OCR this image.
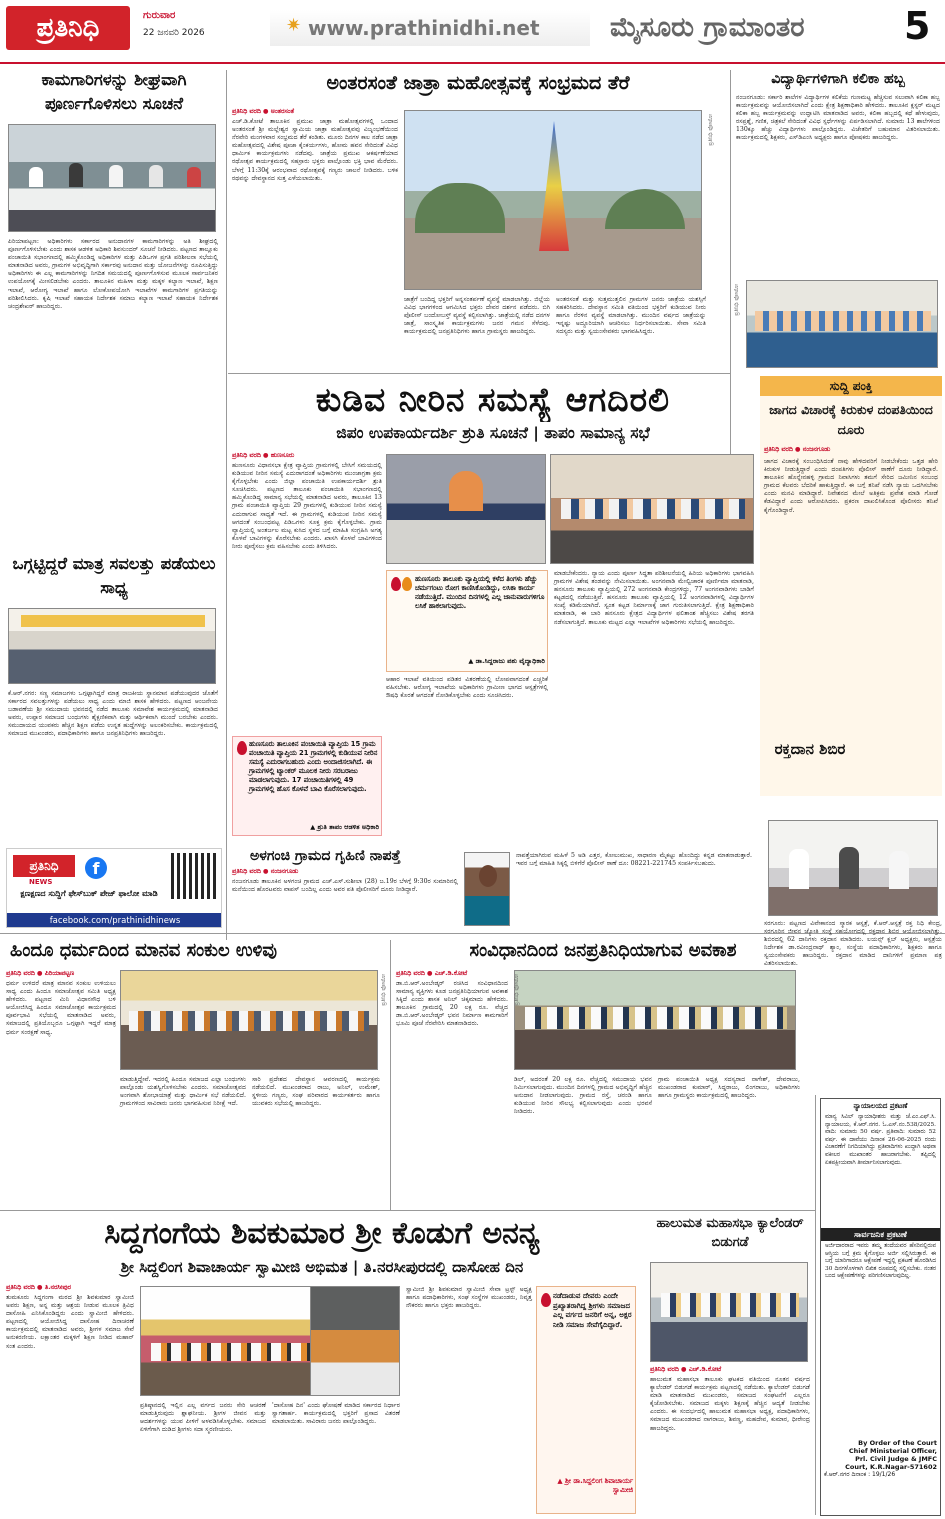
ಪ್ರತಿನಿಧಿ	ಗುರುವಾರ
22 ಜನವರಿ 2026	✷ www.prathinidhi.net	ಮೈಸೂರು ಗ್ರಾಮಾಂತರ	5
ಕಾಮಗಾರಿಗಳನ್ನು ಶೀಘ್ರವಾಗಿ ಪೂರ್ಣಗೊಳಿಸಲು ಸೂಚನೆ
ಪಿರಿಯಾಪಟ್ಟಣ: ಅಧಿಕಾರಿಗಳು ಸರ್ಕಾರದ ಅನುದಾನಗಳ ಕಾಮಗಾರಿಗಳನ್ನು ಅತಿ ಶೀಘ್ರದಲ್ಲಿ ಪೂರ್ಣಗೊಳಿಸಬೇಕು ಎಂದು ಶಾಸಕ ಆಡಳಿತ ಅಧಿಕಾರಿ ಶಿವಸುಂದರ್ ಸೂಚನೆ ನೀಡಿದರು. ಪಟ್ಟಣದ ತಾಲ್ಲೂಕು ಪಂಚಾಯಿತಿ ಸಭಾಂಗಣದಲ್ಲಿ ಹಮ್ಮಿಕೊಂಡಿದ್ದ ಅಧಿಕಾರಿಗಳ ಮತ್ತು ಪಿಡಿಒಗಳ ಪ್ರಗತಿ ಪರಿಶೀಲನಾ ಸಭೆಯಲ್ಲಿ ಮಾತನಾಡಿದ ಅವರು, ಗ್ರಾಮಗಳ ಅಭಿವೃದ್ಧಿಗಾಗಿ ಸರ್ಕಾರವು ಅನುದಾನ ಮತ್ತು ಯೋಜನೆಗಳನ್ನು ರೂಪಿಸುತ್ತಿದ್ದು ಅಧಿಕಾರಿಗಳು ಈ ಎಲ್ಲ ಕಾಮಗಾರಿಗಳನ್ನು ನಿಗದಿತ ಸಮಯದಲ್ಲಿ ಪೂರ್ಣಗೊಳಿಸುವ ಮೂಲಕ ಸಾರ್ವಜನಿಕರ ಉಪಯೋಗಕ್ಕೆ ಮೀಸಲಿಡಬೇಕು ಎಂದರು. ತಾಲೂಕಿನ ಮಹಿಳಾ ಮತ್ತು ಮಕ್ಕಳ ಕಲ್ಯಾಣ ಇಲಾಖೆ, ಶಿಕ್ಷಣ ಇಲಾಖೆ, ಆರೋಗ್ಯ ಇಲಾಖೆ ಹಾಗೂ ಲೋಕೋಪಯೋಗಿ ಇಲಾಖೆಗಳ ಕಾಮಗಾರಿಗಳ ಪ್ರಗತಿಯನ್ನು ಪರಿಶೀಲಿಸಿದರು. ಕೃಷಿ ಇಲಾಖೆ ಸಹಾಯಕ ನಿರ್ದೇಶಕ ಸಮಾಜ ಕಲ್ಯಾಣ ಇಲಾಖೆ ಸಹಾಯಕ ನಿರ್ದೇಶಕ ಚಂದ್ರಶೇಖರ್ ಹಾಜರಿದ್ದರು.
ಒಗ್ಗಟ್ಟಿದ್ದರೆ ಮಾತ್ರ ಸವಲತ್ತು ಪಡೆಯಲು ಸಾಧ್ಯ
ಕೆ.ಆರ್.ನಗರ: ಸಣ್ಣ ಸಮಾಜಗಳು ಒಗ್ಗಟ್ಟಾಗಿದ್ದರೆ ಮಾತ್ರ ರಾಜಕೀಯ ಸ್ಥಾನಮಾನ ಪಡೆಯುವುದರ ಜೊತೆಗೆ ಸರ್ಕಾರದ ಸವಲತ್ತುಗಳನ್ನು ಪಡೆಯಲು ಸಾಧ್ಯ ಎಂದು ಮಾಜಿ ಶಾಸಕ ಹೇಳಿದರು. ಪಟ್ಟಣದ ಆಂಜನೇಯ ಬಡಾವಣೆಯ ಶ್ರೀ ಸಮುದಾಯ ಭವನದಲ್ಲಿ ನಡೆದ ತಾಲೂಕು ಸಮಾವೇಶ ಕಾರ್ಯಕ್ರಮದಲ್ಲಿ ಮಾತನಾಡಿದ ಅವರು, ಉಪ್ಪಾರ ಸಮಾಜದ ಬಂಧುಗಳು ಶೈಕ್ಷಣಿಕವಾಗಿ ಮತ್ತು ಆರ್ಥಿಕವಾಗಿ ಮುಂದೆ ಬರಬೇಕು ಎಂದರು. ಸಮುದಾಯದ ಯುವಕರು ಹೆಚ್ಚಿನ ಶಿಕ್ಷಣ ಪಡೆದು ಉನ್ನತ ಹುದ್ದೆಗಳನ್ನು ಅಲಂಕರಿಸಬೇಕು. ಕಾರ್ಯಕ್ರಮದಲ್ಲಿ ಸಮಾಜದ ಮುಖಂಡರು, ಪದಾಧಿಕಾರಿಗಳು ಹಾಗೂ ಜನಪ್ರತಿನಿಧಿಗಳು ಹಾಜರಿದ್ದರು.
ಪ್ರತಿನಿಧಿ
NEWS
f
ಕ್ಷಣಕ್ಷಣದ ಸುದ್ದಿಗೆ ಫೇಸ್‌ಬುಕ್ ಪೇಜ್ ಫಾಲೋ ಮಾಡಿ
facebook.com/prathinidhinews
ಅಂತರಸಂತೆ ಜಾತ್ರಾ ಮಹೋತ್ಸವಕ್ಕೆ ಸಂಭ್ರಮದ ತೆರೆ
ಪ್ರತಿನಿಧಿ ವರದಿ ● ಅಂತರಸಂತೆ
ಎಚ್.ಡಿ.ಕೋಟೆ ತಾಲೂಕಿನ ಪ್ರಮುಖ ಜಾತ್ರಾ ಮಹೋತ್ಸವಗಳಲ್ಲಿ ಒಂದಾದ ಅಂತರಸಂತೆ ಶ್ರೀ ಮಲ್ಲೇಶ್ವರ ಸ್ವಾಮಿಯ ಜಾತ್ರಾ ಮಹೋತ್ಸವವು ವಿಜೃಂಭಣೆಯಿಂದ ನೆರವೇರಿ ಮಂಗಳವಾರ ಸಂಭ್ರಮದ ತೆರೆ ಕಂಡಿತು. ಮೂರು ದಿನಗಳ ಕಾಲ ನಡೆದ ಜಾತ್ರಾ ಮಹೋತ್ಸವದಲ್ಲಿ ವಿಶೇಷ ಪೂಜಾ ಕೈಂಕರ್ಯಗಳು, ಹೋಮ ಹವನ ಸೇರಿದಂತೆ ವಿವಿಧ ಧಾರ್ಮಿಕ ಕಾರ್ಯಕ್ರಮಗಳು ನಡೆದವು. ಜಾತ್ರೆಯ ಪ್ರಮುಖ ಆಕರ್ಷಣೆಯಾದ ರಥೋತ್ಸವ ಕಾರ್ಯಕ್ರಮದಲ್ಲಿ ಸಹಸ್ರಾರು ಭಕ್ತರು ಪಾಲ್ಗೊಂಡು ಭಕ್ತಿ ಭಾವ ಮೆರೆದರು. ಬೆಳಗ್ಗೆ 11:30ಕ್ಕೆ ಆರಂಭವಾದ ರಥೋತ್ಸವಕ್ಕೆ ಗಣ್ಯರು ಚಾಲನೆ ನೀಡಿದರು. ಬಳಿಕ ರಥವನ್ನು ದೇವಸ್ಥಾನದ ಸುತ್ತ ಎಳೆಯಲಾಯಿತು.
ಪ್ರತಿನಿಧಿ ಫೋಟೋ
ಜಾತ್ರೆಗೆ ಬಂದಿದ್ದ ಭಕ್ತರಿಗೆ ಅನ್ನಸಂತರ್ಪಣೆ ವ್ಯವಸ್ಥೆ ಮಾಡಲಾಗಿತ್ತು. ಜಿಲ್ಲೆಯ ವಿವಿಧ ಭಾಗಗಳಿಂದ ಆಗಮಿಸಿದ ಭಕ್ತರು ದೇವರ ದರ್ಶನ ಪಡೆದರು. ಬಿಗಿ ಪೊಲೀಸ್ ಬಂದೋಬಸ್ತ್ ವ್ಯವಸ್ಥೆ ಕಲ್ಪಿಸಲಾಗಿತ್ತು. ಜಾತ್ರೆಯಲ್ಲಿ ನಡೆದ ದನಗಳ ಜಾತ್ರೆ, ಸಾಂಸ್ಕೃತಿಕ ಕಾರ್ಯಕ್ರಮಗಳು ಜನರ ಗಮನ ಸೆಳೆದವು. ಕಾರ್ಯಕ್ರಮದಲ್ಲಿ ಜನಪ್ರತಿನಿಧಿಗಳು ಹಾಗೂ ಗ್ರಾಮಸ್ಥರು ಹಾಜರಿದ್ದರು.
ಅಂತರಸಂತೆ ಮತ್ತು ಸುತ್ತಮುತ್ತಲಿನ ಗ್ರಾಮಗಳ ಜನರು ಜಾತ್ರೆಯ ಯಶಸ್ಸಿಗೆ ಸಹಕರಿಸಿದರು. ದೇವಸ್ಥಾನ ಸಮಿತಿ ವತಿಯಿಂದ ಭಕ್ತರಿಗೆ ಕುಡಿಯುವ ನೀರು ಹಾಗೂ ನೆರಳಿನ ವ್ಯವಸ್ಥೆ ಮಾಡಲಾಗಿತ್ತು. ಮುಂದಿನ ವರ್ಷದ ಜಾತ್ರೆಯನ್ನು ಇನ್ನಷ್ಟು ಅದ್ದೂರಿಯಾಗಿ ಆಚರಿಸಲು ನಿರ್ಧರಿಸಲಾಯಿತು. ಸೇವಾ ಸಮಿತಿ ಸದಸ್ಯರು ಮತ್ತು ಸ್ವಯಂಸೇವಕರು ಭಾಗವಹಿಸಿದ್ದರು.
ವಿದ್ಯಾರ್ಥಿಗಳಿಗಾಗಿ ಕಲಿಕಾ ಹಬ್ಬ
ನಂಜನಗೂಡು: ಸರ್ಕಾರಿ ಶಾಲೆಗಳ ವಿದ್ಯಾರ್ಥಿಗಳ ಕಲಿಕೆಯ ಗುಣಮಟ್ಟ ಹೆಚ್ಚಿಸುವ ಸಲುವಾಗಿ ಕಲಿಕಾ ಹಬ್ಬ ಕಾರ್ಯಕ್ರಮವನ್ನು ಆಯೋಜಿಸಲಾಗಿದೆ ಎಂದು ಕ್ಷೇತ್ರ ಶಿಕ್ಷಣಾಧಿಕಾರಿ ಹೇಳಿದರು. ತಾಲೂಕಿನ ಕ್ಲಸ್ಟರ್ ಮಟ್ಟದ ಕಲಿಕಾ ಹಬ್ಬ ಕಾರ್ಯಕ್ರಮವನ್ನು ಉದ್ಘಾಟಿಸಿ ಮಾತನಾಡಿದ ಅವರು, ಕಲಿಕಾ ಹಬ್ಬದಲ್ಲಿ ಕಥೆ ಹೇಳುವುದು, ರಸಪ್ರಶ್ನೆ, ಗಣಿತ, ಚಿತ್ರಕಲೆ ಸೇರಿದಂತೆ ವಿವಿಧ ಸ್ಪರ್ಧೆಗಳನ್ನು ಏರ್ಪಡಿಸಲಾಗಿದೆ. ಸುಮಾರು 13 ಶಾಲೆಗಳಿಂದ 130ಕ್ಕೂ ಹೆಚ್ಚು ವಿದ್ಯಾರ್ಥಿಗಳು ಪಾಲ್ಗೊಂಡಿದ್ದರು. ವಿಜೇತರಿಗೆ ಬಹುಮಾನ ವಿತರಿಸಲಾಯಿತು. ಕಾರ್ಯಕ್ರಮದಲ್ಲಿ ಶಿಕ್ಷಕರು, ಎಸ್‌ಡಿಎಂಸಿ ಅಧ್ಯಕ್ಷರು ಹಾಗೂ ಪೋಷಕರು ಹಾಜರಿದ್ದರು.
ಪ್ರತಿನಿಧಿ ಫೋಟೋ
ಸುದ್ದಿ ಪಂಕ್ತಿ
ಜಾಗದ ವಿಚಾರಕ್ಕೆ ಕಿರುಕುಳ ದಂಪತಿಯಿಂದ ದೂರು
ಪ್ರತಿನಿಧಿ ವರದಿ ● ನಂಜನಗೂಡು
ಜಾಗದ ವಿಚಾರಕ್ಕೆ ಸಂಬಂಧಿಸಿದಂತೆ ನಾವು ಹೇಳಿದವರಿಗೆ ನೀಡಬೇಕೆಂದು ಒತ್ತಡ ಹೇರಿ ಕಿರುಕುಳ ನೀಡುತ್ತಿದ್ದಾರೆ ಎಂದು ದಂಪತಿಗಳು ಪೊಲೀಸ್ ಠಾಣೆಗೆ ದೂರು ನೀಡಿದ್ದಾರೆ. ತಾಲೂಕಿನ ಹೊನ್ನೇನಹಳ್ಳಿ ಗ್ರಾಮದ ನಿವಾಸಿಗಳು ತಮಗೆ ಸೇರಿದ ಜಮೀನಿನ ಸಂಬಂಧ ಗ್ರಾಮದ ಕೆಲವರು ಬೆದರಿಕೆ ಹಾಕುತ್ತಿದ್ದಾರೆ. ಈ ಬಗ್ಗೆ ತನಿಖೆ ನಡೆಸಿ ನ್ಯಾಯ ಒದಗಿಸಬೇಕು ಎಂದು ಮನವಿ ಮಾಡಿದ್ದಾರೆ. ನಿವೇಶನದ ಮೇಲೆ ಅತಿಕ್ರಮ ಪ್ರವೇಶ ಮಾಡಿ ಗೋಡೆ ಕೆಡವಿದ್ದಾರೆ ಎಂದು ಆರೋಪಿಸಿದರು. ಪ್ರಕರಣ ದಾಖಲಿಸಿಕೊಂಡ ಪೊಲೀಸರು ತನಿಖೆ ಕೈಗೊಂಡಿದ್ದಾರೆ.
ರಕ್ತದಾನ ಶಿಬಿರ
ಸರಗೂರು: ಪಟ್ಟಣದ ವಿವೇಕಾನಂದ ಸ್ಮಾರಕ ಆಸ್ಪತ್ರೆ, ಕೆ.ಆರ್.ಆಸ್ಪತ್ರೆ ರಕ್ತ ನಿಧಿ ಕೇಂದ್ರ, ಸರಗೂರಿನ ಜೀವನ ಜ್ಯೋತಿ ಸಂಸ್ಥೆ ಸಹಯೋಗದಲ್ಲಿ ರಕ್ತದಾನ ಶಿಬಿರ ಆಯೋಜಿಸಲಾಗಿತ್ತು. ಶಿಬಿರದಲ್ಲಿ 62 ದಾನಿಗಳು ರಕ್ತದಾನ ಮಾಡಿದರು. ಲಯನ್ಸ್ ಕ್ಲಬ್ ಅಧ್ಯಕ್ಷರು, ಆಸ್ಪತ್ರೆಯ ನಿರ್ದೇಶಕ ಡಾ.ರವೀಂದ್ರನಾಥ್ ಶ್ಯಾಂ, ಸಂಸ್ಥೆಯ ಪದಾಧಿಕಾರಿಗಳು, ಶಿಕ್ಷಕರು ಹಾಗೂ ಸ್ವಯಂಸೇವಕರು ಹಾಜರಿದ್ದರು. ರಕ್ತದಾನ ಮಾಡಿದ ದಾನಿಗಳಿಗೆ ಪ್ರಮಾಣ ಪತ್ರ ವಿತರಿಸಲಾಯಿತು.
ಕುಡಿವ ನೀರಿನ ಸಮಸ್ಯೆ ಆಗದಿರಲಿ
ಜಿಪಂ ಉಪಕಾರ್ಯದರ್ಶಿ ಶ್ರುತಿ ಸೂಚನೆ | ತಾಪಂ ಸಾಮಾನ್ಯ ಸಭೆ
ಪ್ರತಿನಿಧಿ ವರದಿ ● ಹುಣಸೂರು
ಹುಣಸೂರು ವಿಧಾನಸಭಾ ಕ್ಷೇತ್ರ ವ್ಯಾಪ್ತಿಯ ಗ್ರಾಮಗಳಲ್ಲಿ ಬೇಸಿಗೆ ಸಮಯದಲ್ಲಿ ಕುಡಿಯುವ ನೀರಿನ ಸಮಸ್ಯೆ ಎದುರಾಗದಂತೆ ಅಧಿಕಾರಿಗಳು ಮುಂಜಾಗ್ರತಾ ಕ್ರಮ ಕೈಗೊಳ್ಳಬೇಕು ಎಂದು ಜಿಲ್ಲಾ ಪಂಚಾಯಿತಿ ಉಪಕಾರ್ಯದರ್ಶಿ ಶ್ರುತಿ ಸೂಚಿಸಿದರು. ಪಟ್ಟಣದ ತಾಲೂಕು ಪಂಚಾಯಿತಿ ಸಭಾಂಗಣದಲ್ಲಿ ಹಮ್ಮಿಕೊಂಡಿದ್ದ ಸಾಮಾನ್ಯ ಸಭೆಯಲ್ಲಿ ಮಾತನಾಡಿದ ಅವರು, ತಾಲೂಕಿನ 13 ಗ್ರಾಮ ಪಂಚಾಯಿತಿ ವ್ಯಾಪ್ತಿಯ 29 ಗ್ರಾಮಗಳಲ್ಲಿ ಕುಡಿಯುವ ನೀರಿನ ಸಮಸ್ಯೆ ಎದುರಾಗುವ ಸಾಧ್ಯತೆ ಇದೆ. ಈ ಗ್ರಾಮಗಳಲ್ಲಿ ಕುಡಿಯುವ ನೀರಿನ ಸಮಸ್ಯೆ ಆಗದಂತೆ ಸಂಬಂಧಪಟ್ಟ ಪಿಡಿಒಗಳು ಸೂಕ್ತ ಕ್ರಮ ಕೈಗೊಳ್ಳಬೇಕು. ಗ್ರಾಮ ವ್ಯಾಪ್ತಿಯಲ್ಲಿ ಅಂತರ್ಜಲ ಮಟ್ಟ ಕುಸಿದ ಸ್ಥಳದ ಬಗ್ಗೆ ಮಾಹಿತಿ ಸಂಗ್ರಹಿಸಿ ಅಗತ್ಯ ಕೊಳವೆ ಬಾವಿಗಳನ್ನು ಕೊರೆಸಬೇಕು ಎಂದರು. ಖಾಸಗಿ ಕೊಳವೆ ಬಾವಿಗಳಿಂದ ನೀರು ಪೂರೈಸಲು ಕ್ರಮ ವಹಿಸಬೇಕು ಎಂದು ತಿಳಿಸಿದರು.
ಹುಣಸೂರು ತಾಲೂಕು ವ್ಯಾಪ್ತಿಯಲ್ಲಿ ಕಳೆದ ತಿಂಗಳು ಹೆಚ್ಚು ಚರ್ಮಗಂಟು ರೋಗ ಕಾಣಿಸಿಕೊಂಡಿದ್ದು, ಲಸಿಕಾ ಕಾರ್ಯ ನಡೆಯುತ್ತಿದೆ. ಮುಂದಿನ ದಿನಗಳಲ್ಲಿ ಎಲ್ಲ ಜಾನುವಾರುಗಳಿಗೂ ಲಸಿಕೆ ಹಾಕಲಾಗುವುದು.
▲ ಡಾ.ಸಿದ್ದರಾಜು ಪಶು ವೈದ್ಯಾಧಿಕಾರಿ
ಆಹಾರ ಇಲಾಖೆ ವತಿಯಿಂದ ಪಡಿತರ ವಿತರಣೆಯಲ್ಲಿ ಲೋಪವಾಗದಂತೆ ಎಚ್ಚರಿಕೆ ವಹಿಸಬೇಕು. ಆರೋಗ್ಯ ಇಲಾಖೆಯ ಅಧಿಕಾರಿಗಳು ಗ್ರಾಮೀಣ ಭಾಗದ ಆಸ್ಪತ್ರೆಗಳಲ್ಲಿ ಔಷಧಿ ಕೊರತೆ ಆಗದಂತೆ ನೋಡಿಕೊಳ್ಳಬೇಕು ಎಂದು ಸೂಚಿಸಿದರು.
ಮಾಡಬೇಕೆಂದರು. ನ್ಯಾಯ ಎಂದು ಪೂರ್ಣ ಸಿದ್ಧತಾ ಪರಿಶೀಲನೆಯಲ್ಲಿ ಹಿರಿಯ ಅಧಿಕಾರಿಗಳು ಭಾಗವಹಿಸಿ ಗ್ರಾಮಗಳ ವಿಶೇಷ ತಂಡವನ್ನು ನೇಮಿಸಲಾಯಿತು. ಅಂಗನವಾಡಿ ಮೇಲ್ವಿಚಾರಕ ಪೂರ್ಣಿಮಾ ಮಾತನಾಡಿ, ಹನಸೂರು ತಾಲೂಕು ವ್ಯಾಪ್ತಿಯಲ್ಲಿ 272 ಅಂಗನವಾಡಿ ಕೇಂದ್ರಗಳಿದ್ದು, 77 ಅಂಗನವಾಡಿಗಳು ಬಾಡಿಗೆ ಕಟ್ಟಡದಲ್ಲಿ ನಡೆಯುತ್ತಿವೆ. ಹಸನೂರು ತಾಲೂಕು ವ್ಯಾಪ್ತಿಯಲ್ಲಿ 12 ಅಂಗನವಾಡಿಗಳಲ್ಲಿ ವಿದ್ಯಾರ್ಥಿಗಳ ಸಂಖ್ಯೆ ಕಡಿಮೆಯಾಗಿದೆ. ಸ್ವಂತ ಕಟ್ಟಡ ನಿರ್ಮಾಣಕ್ಕೆ ಜಾಗ ಗುರುತಿಸಲಾಗುತ್ತಿದೆ. ಕ್ಷೇತ್ರ ಶಿಕ್ಷಣಾಧಿಕಾರಿ ಮಾತನಾಡಿ, ಈ ಬಾರಿ ಹನಸೂರು ಕ್ಷೇತ್ರದ ವಿದ್ಯಾರ್ಥಿಗಳ ಫಲಿತಾಂಶ ಹೆಚ್ಚಿಸಲು ವಿಶೇಷ ತರಗತಿ ನಡೆಸಲಾಗುತ್ತಿದೆ. ತಾಲೂಕು ಮಟ್ಟದ ಎಲ್ಲಾ ಇಲಾಖೆಗಳ ಅಧಿಕಾರಿಗಳು ಸಭೆಯಲ್ಲಿ ಹಾಜರಿದ್ದರು.
ಹುಣಸೂರು ತಾಲೂಕಿನ ಪಂಚಾಯಿತಿ ವ್ಯಾಪ್ತಿಯ 15 ಗ್ರಾಮ ಪಂಚಾಯಿತಿ ವ್ಯಾಪ್ತಿಯ 21 ಗ್ರಾಮಗಳಲ್ಲಿ ಕುಡಿಯುವ ನೀರಿನ ಸಮಸ್ಯೆ ಎದುರಾಗಬಹುದು ಎಂದು ಅಂದಾಜಿಸಲಾಗಿದೆ. ಈ ಗ್ರಾಮಗಳಲ್ಲಿ ಟ್ಯಾಂಕರ್ ಮೂಲಕ ನೀರು ಸರಬರಾಜು ಮಾಡಲಾಗುವುದು. 17 ಪಂಚಾಯಿತಿಗಳಲ್ಲಿ 49 ಗ್ರಾಮಗಳಲ್ಲಿ ಹೊಸ ಕೊಳವೆ ಬಾವಿ ಕೊರೆಸಲಾಗುವುದು.
▲ ಶ್ರುತಿ ತಾಪಂ ಆಡಳಿತ ಅಧಿಕಾರಿ
ಅಳಗಂಚಿ ಗ್ರಾಮದ ಗೃಹಿಣಿ ನಾಪತ್ತೆ
ಪ್ರತಿನಿಧಿ ವರದಿ ● ನಂಜನಗೂಡು
ನಂಜನಗೂಡು ತಾಲೂಕಿನ ಅಳಗಂಚಿ ಗ್ರಾಮದ ಎಚ್.ಎಸ್.ಸುಶೀಲಾ (28) ಜ.19ರ ಬೆಳಗ್ಗೆ 9:30ರ ಸುಮಾರಿನಲ್ಲಿ ಮನೆಯಿಂದ ಹೊರಟವರು ವಾಪಸ್ ಬಂದಿಲ್ಲ ಎಂದು ಅವರ ಪತಿ ಪೊಲೀಸರಿಗೆ ದೂರು ನೀಡಿದ್ದಾರೆ.
ನಾಪತ್ತೆಯಾಗಿರುವ ಮಹಿಳೆ 5 ಅಡಿ ಎತ್ತರ, ಕೋಲುಮುಖ, ಸಾಧಾರಣ ಮೈಕಟ್ಟು ಹೊಂದಿದ್ದು ಕನ್ನಡ ಮಾತನಾಡುತ್ತಾರೆ. ಇವರ ಬಗ್ಗೆ ಮಾಹಿತಿ ಸಿಕ್ಕಲ್ಲಿ ಬಿಳಿಗೆರೆ ಪೊಲೀಸ್ ಠಾಣೆ ದೂ: 08221-221745 ಸಂಪರ್ಕಿಸಬಹುದು.
ಹಿಂದೂ ಧರ್ಮದಿಂದ ಮಾನವ ಸಂಕುಲ ಉಳಿವು
ಪ್ರತಿನಿಧಿ ವರದಿ ● ಪಿರಿಯಾಪಟ್ಟಣ
ಧರ್ಮ ಉಳಿದರೆ ಮಾತ್ರ ಮಾನವ ಸಂಕುಲ ಉಳಿಯಲು ಸಾಧ್ಯ ಎಂದು ಹಿಂದೂ ಸಮಾಜೋತ್ಸವ ಸಮಿತಿ ಅಧ್ಯಕ್ಷ ಹೇಳಿದರು. ಪಟ್ಟಣದ ಮಿನಿ ವಿಧಾನಸೌಧ ಬಳಿ ಆಯೋಜಿಸಿದ್ದ ಹಿಂದೂ ಸಮಾಜೋತ್ಸವ ಕಾರ್ಯಕ್ರಮದ ಪೂರ್ವಭಾವಿ ಸಭೆಯಲ್ಲಿ ಮಾತನಾಡಿದ ಅವರು, ಸಮಾಜದಲ್ಲಿ ಪ್ರತಿಯೊಬ್ಬರೂ ಒಗ್ಗಟ್ಟಾಗಿ ಇದ್ದರೆ ಮಾತ್ರ ಧರ್ಮ ಸಂರಕ್ಷಣೆ ಸಾಧ್ಯ.
ಪ್ರತಿನಿಧಿ ಫೋಟೋ
ಮಾಡುತ್ತಿದ್ದೇವೆ. ಇದರಲ್ಲಿ ಹಿಂದೂ ಸಮಾಜದ ಎಲ್ಲಾ ಬಂಧುಗಳು ಪಾಲ್ಗೊಂಡು ಯಶಸ್ವಿಗೊಳಿಸಬೇಕು ಎಂದರು. ಸಮಾಜೋತ್ಸವದ ಅಂಗವಾಗಿ ಶೋಭಾಯಾತ್ರೆ ಮತ್ತು ಧಾರ್ಮಿಕ ಸಭೆ ನಡೆಯಲಿದೆ. ಗ್ರಾಮಗಳಿಂದ ಸಾವಿರಾರು ಜನರು ಭಾಗವಹಿಸುವ ನಿರೀಕ್ಷೆ ಇದೆ.
ಸಾರಿ ಪ್ರದೇಶದ ದೇವಸ್ಥಾನ ಆವರಣದಲ್ಲಿ ಕಾರ್ಯಕ್ರಮ ನಡೆಯಲಿದೆ. ಮುಖಂಡರಾದ ರಾಜು, ಅನಿಲ್, ಉಮೇಶ್, ಸ್ಥಳೀಯ ಗಣ್ಯರು, ಸಂಘ ಪರಿವಾರದ ಕಾರ್ಯಕರ್ತರು ಹಾಗೂ ಯುವಕರು ಸಭೆಯಲ್ಲಿ ಹಾಜರಿದ್ದರು.
ಸಂವಿಧಾನದಿಂದ ಜನಪ್ರತಿನಿಧಿಯಾಗುವ ಅವಕಾಶ
ಪ್ರತಿನಿಧಿ ವರದಿ ● ಎಚ್.ಡಿ.ಕೋಟೆ
ಡಾ.ಬಿ.ಆರ್.ಅಂಬೇಡ್ಕರ್ ರಚಿಸಿದ ಸಂವಿಧಾನದಿಂದ ಸಾಮಾನ್ಯ ವ್ಯಕ್ತಿಗಳು ಕೂಡ ಜನಪ್ರತಿನಿಧಿಯಾಗುವ ಅವಕಾಶ ಸಿಕ್ಕಿದೆ ಎಂದು ಶಾಸಕ ಅನಿಲ್ ಚಿಕ್ಕಮಾದು ಹೇಳಿದರು. ತಾಲೂಕಿನ ಗ್ರಾಮದಲ್ಲಿ 20 ಲಕ್ಷ ರೂ. ವೆಚ್ಚದ ಡಾ.ಬಿ.ಆರ್.ಅಂಬೇಡ್ಕರ್ ಭವನ ನಿರ್ಮಾಣ ಕಾಮಗಾರಿಗೆ ಭೂಮಿ ಪೂಜೆ ನೆರವೇರಿಸಿ ಮಾತನಾಡಿದರು.
ಪ್ರತಿನಿಧಿ ಫೋಟೋ
ಡಿಲ್, ಅದರಂತೆ 20 ಲಕ್ಷ ರೂ. ವೆಚ್ಚದಲ್ಲಿ ಸಮುದಾಯ ಭವನ ನಿರ್ಮಿಸಲಾಗುವುದು. ಮುಂದಿನ ದಿನಗಳಲ್ಲಿ ಗ್ರಾಮದ ಅಭಿವೃದ್ಧಿಗೆ ಹೆಚ್ಚಿನ ಅನುದಾನ ನೀಡಲಾಗುವುದು. ಗ್ರಾಮದ ರಸ್ತೆ, ಚರಂಡಿ ಹಾಗೂ ಕುಡಿಯುವ ನೀರಿನ ಸೌಲಭ್ಯ ಕಲ್ಪಿಸಲಾಗುವುದು ಎಂದು ಭರವಸೆ ನೀಡಿದರು.
ಗ್ರಾಮ ಪಂಚಾಯಿತಿ ಅಧ್ಯಕ್ಷ ಸದಸ್ಯರಾದ ನಾಗೇಶ್, ದೇವರಾಜು, ಮುಖಂಡರಾದ ಕುಮಾರ್, ಸಿದ್ದರಾಜು, ಲಿಂಗರಾಜು, ಅಧಿಕಾರಿಗಳು ಹಾಗೂ ಗ್ರಾಮಸ್ಥರು ಕಾರ್ಯಕ್ರಮದಲ್ಲಿ ಹಾಜರಿದ್ದರು.
ನ್ಯಾಯಾಲಯದ ಪ್ರಕಟಣೆ
ಮಾನ್ಯ ಸಿವಿಲ್ ನ್ಯಾಯಾಧೀಶರು ಮತ್ತು ಜೆ.ಎಂ.ಎಫ್.ಸಿ. ನ್ಯಾಯಾಲಯ, ಕೆ.ಆರ್.ನಗರ. ಓ.ಎಸ್.ನಂ.538/2025. ವಾದಿ: ಸುಮಾರು 50 ವರ್ಷ. ಪ್ರತಿವಾದಿ: ಸುಮಾರು 52 ವರ್ಷ. ಈ ದಾವೆಯು ದಿನಾಂಕ 26-06-2025 ರಂದು ವಿಚಾರಣೆಗೆ ನಿಗದಿಯಾಗಿದ್ದು ಪ್ರತಿವಾದಿಗಳು ಖುದ್ದಾಗಿ ಅಥವಾ ವಕೀಲರ ಮುಖಾಂತರ ಹಾಜರಾಗಬೇಕು. ತಪ್ಪಿದಲ್ಲಿ ಏಕಪಕ್ಷೀಯವಾಗಿ ತೀರ್ಮಾನಿಸಲಾಗುವುದು.
ಸಾರ್ವಜನಿಕ ಪ್ರಕಟಣೆ
ಅರ್ಜಿದಾರರಾದ ಇವರು ತಮ್ಮ ತಂದೆಯವರ ಹೆಸರಿನಲ್ಲಿರುವ ಆಸ್ತಿಯ ಬಗ್ಗೆ ಕ್ರಮ ಕೈಗೊಳ್ಳಲು ಅರ್ಜಿ ಸಲ್ಲಿಸಿರುತ್ತಾರೆ. ಈ ಬಗ್ಗೆ ಯಾರಿಗಾದರೂ ಆಕ್ಷೇಪಣೆ ಇದ್ದಲ್ಲಿ ಪ್ರಕಟಣೆ ಹೊರಡಿಸಿದ 30 ದಿನಗಳೊಳಗಾಗಿ ಲಿಖಿತ ರೂಪದಲ್ಲಿ ಸಲ್ಲಿಸಬೇಕು. ನಂತರ ಬಂದ ಆಕ್ಷೇಪಣೆಗಳನ್ನು ಪರಿಗಣಿಸಲಾಗುವುದಿಲ್ಲ.
By Order of the Court
Chief Ministerial Officer,
Prl. Civil Judge & JMFC
Court, K.R.Nagar-571602
ಕೆ.ಆರ್.ನಗರ ದಿನಾಂಕ : 19/1/26
ಸಿದ್ದಗಂಗೆಯ ಶಿವಕುಮಾರ ಶ್ರೀ ಕೊಡುಗೆ ಅನನ್ಯ
ಶ್ರೀ ಸಿದ್ದಲಿಂಗ ಶಿವಾಚಾರ್ಯ ಸ್ವಾಮೀಜಿ ಅಭಿಮತ | ತಿ.ನರಸೀಪುರದಲ್ಲಿ ದಾಸೋಹ ದಿನ
ಪ್ರತಿನಿಧಿ ವರದಿ ● ತಿ.ನರಸೀಪುರ
ತುಮಕೂರು ಸಿದ್ದಗಂಗಾ ಮಠದ ಶ್ರೀ ಶಿವಕುಮಾರ ಸ್ವಾಮೀಜಿ ಅವರು ಶಿಕ್ಷಣ, ಅನ್ನ ಮತ್ತು ಆಶ್ರಯ ನೀಡುವ ಮೂಲಕ ತ್ರಿವಿಧ ದಾಸೋಹಿ ಎನಿಸಿಕೊಂಡಿದ್ದರು ಎಂದು ಸ್ವಾಮೀಜಿ ಹೇಳಿದರು. ಪಟ್ಟಣದಲ್ಲಿ ಆಯೋಜಿಸಿದ್ದ ದಾಸೋಹ ದಿನಾಚರಣೆ ಕಾರ್ಯಕ್ರಮದಲ್ಲಿ ಮಾತನಾಡಿದ ಅವರು, ಶ್ರೀಗಳ ಸಮಾಜ ಸೇವೆ ಅನುಕರಣೀಯ. ಲಕ್ಷಾಂತರ ಮಕ್ಕಳಿಗೆ ಶಿಕ್ಷಣ ನೀಡಿದ ಮಹಾನ್ ಸಂತ ಎಂದರು.
ಪ್ರತಿಷ್ಠಾನದಲ್ಲಿ ಇಲ್ಲಿನ ಎಲ್ಲ ವರ್ಗದ ಜನರು ಸೇರಿ ಆಚರಣೆ ಮಾಡುತ್ತಿರುವುದು ಶ್ಲಾಘನೀಯ. ಶ್ರೀಗಳ ಜೀವನ ಮತ್ತು ಆದರ್ಶಗಳನ್ನು ಯುವ ಪೀಳಿಗೆ ಅಳವಡಿಸಿಕೊಳ್ಳಬೇಕು. ಸಮಾಜದ ಏಳಿಗೆಗಾಗಿ ದುಡಿದ ಶ್ರೀಗಳು ಸದಾ ಸ್ಮರಣೀಯರು.
'ದಾಸೋಹ ದಿನ' ಎಂದು ಘೋಷಣೆ ಮಾಡಿದ ಸರ್ಕಾರದ ನಿರ್ಧಾರ ಸ್ವಾಗತಾರ್ಹ. ಕಾರ್ಯಕ್ರಮದಲ್ಲಿ ಭಕ್ತರಿಗೆ ಪ್ರಸಾದ ವಿತರಣೆ ಮಾಡಲಾಯಿತು. ಸಾವಿರಾರು ಜನರು ಪಾಲ್ಗೊಂಡಿದ್ದರು.
ಸ್ವಾಮೀಜಿ ಶ್ರೀ ಶಿವಕುಮಾರ ಸ್ವಾಮೀಜಿ ಸೇವಾ ಟ್ರಸ್ಟ್ ಅಧ್ಯಕ್ಷ ಹಾಗೂ ಪದಾಧಿಕಾರಿಗಳು, ಸಂಘ ಸಂಸ್ಥೆಗಳ ಮುಖಂಡರು, ನಿವೃತ್ತ ನೌಕರರು ಹಾಗೂ ಭಕ್ತರು ಹಾಜರಿದ್ದರು.
ನಡೆದಾಡುವ ದೇವರು ಎಂದೇ ಪ್ರಖ್ಯಾತರಾಗಿದ್ದ ಶ್ರೀಗಳು ಸಮಾಜದ ಎಲ್ಲ ವರ್ಗದ ಜನರಿಗೆ ಅನ್ನ, ಅಕ್ಷರ ನೀಡಿ ಸಮಾಜ ಸೇವೆಗೈದಿದ್ದಾರೆ.
▲ ಶ್ರೀ ಡಾ.ಸಿದ್ದಲಿಂಗ ಶಿವಾಚಾರ್ಯ ಸ್ವಾಮೀಜಿ
ಹಾಲುಮತ ಮಹಾಸಭಾ ಕ್ಯಾಲೆಂಡರ್ ಬಿಡುಗಡೆ
ಪ್ರತಿನಿಧಿ ವರದಿ ● ಎಚ್.ಡಿ.ಕೋಟೆ
ಹಾಲುಮತ ಮಹಾಸಭಾ ತಾಲೂಕು ಘಟಕದ ವತಿಯಿಂದ ನೂತನ ವರ್ಷದ ಕ್ಯಾಲೆಂಡರ್ ಬಿಡುಗಡೆ ಕಾರ್ಯಕ್ರಮ ಪಟ್ಟಣದಲ್ಲಿ ನಡೆಯಿತು. ಕ್ಯಾಲೆಂಡರ್ ಬಿಡುಗಡೆ ಮಾಡಿ ಮಾತನಾಡಿದ ಮುಖಂಡರು, ಸಮಾಜದ ಸಂಘಟನೆಗೆ ಎಲ್ಲರೂ ಕೈಜೋಡಿಸಬೇಕು. ಸಮಾಜದ ಮಕ್ಕಳು ಶಿಕ್ಷಣಕ್ಕೆ ಹೆಚ್ಚಿನ ಆದ್ಯತೆ ನೀಡಬೇಕು ಎಂದರು. ಈ ಸಂದರ್ಭದಲ್ಲಿ ಹಾಲುಮತ ಮಹಾಸಭಾ ಅಧ್ಯಕ್ಷ, ಪದಾಧಿಕಾರಿಗಳು, ಸಮಾಜದ ಮುಖಂಡರಾದ ನಾಗರಾಜು, ಶಿವಣ್ಣ, ಮಹದೇವ, ಕುಮಾರ, ಧೀರೇಂದ್ರ ಹಾಜರಿದ್ದರು.
